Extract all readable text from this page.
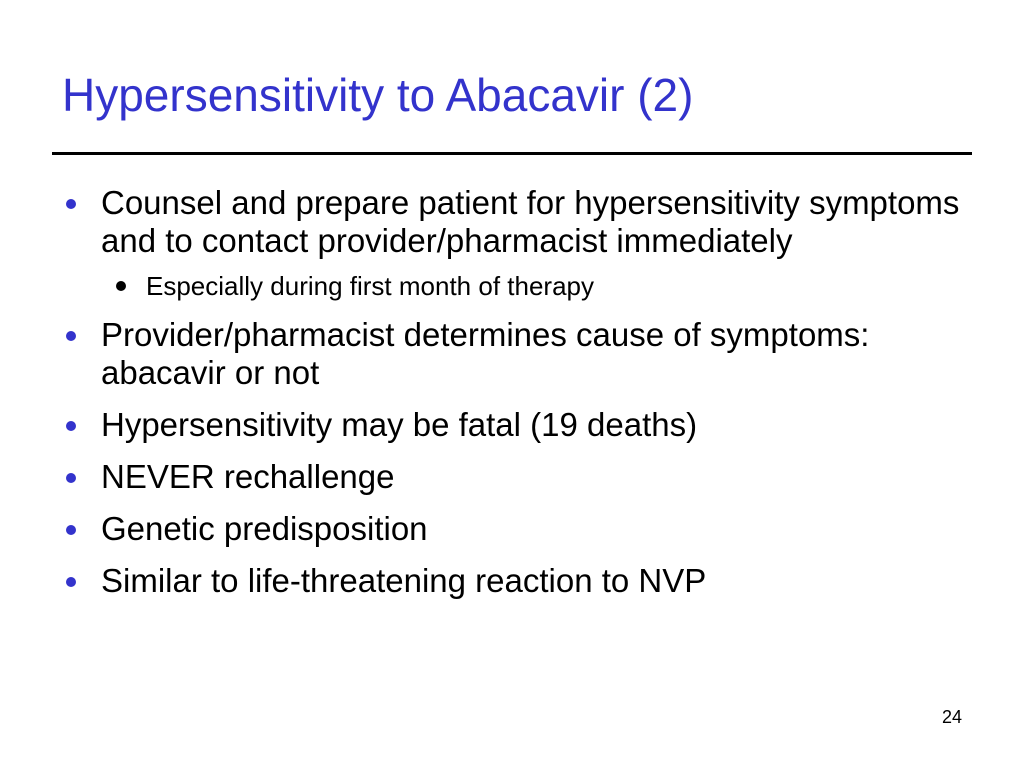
Hypersensitivity to Abacavir (2)
Counsel and prepare patient for hypersensitivity symptoms and to contact provider/pharmacist immediately
Especially during first month of therapy
Provider/pharmacist determines cause of symptoms: abacavir or not
Hypersensitivity may be fatal (19 deaths)
NEVER rechallenge
Genetic predisposition
Similar to life-threatening reaction to NVP
24
